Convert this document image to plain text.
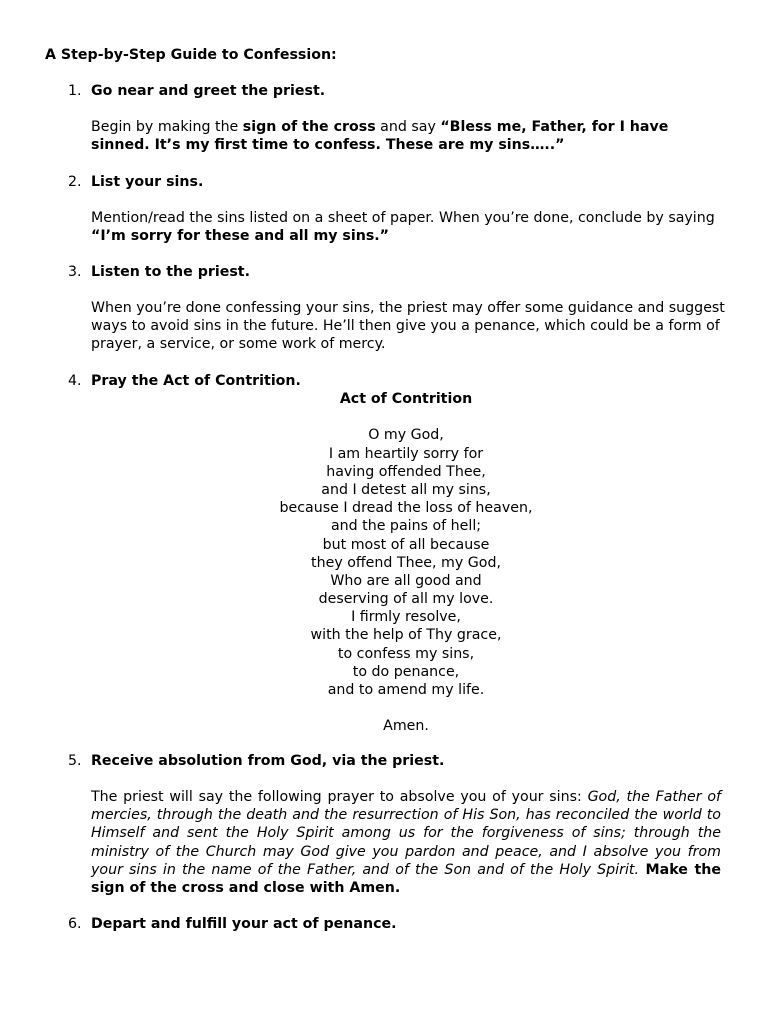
A Step-by-Step Guide to Confession:
1. Go near and greet the priest.
Begin by making the sign of the cross and say “Bless me, Father, for I have sinned. It’s my first time to confess. These are my sins…..”
2. List your sins.
Mention/read the sins listed on a sheet of paper. When you’re done, conclude by saying “I’m sorry for these and all my sins.”
3. Listen to the priest.
When you’re done confessing your sins, the priest may offer some guidance and suggest ways to avoid sins in the future. He’ll then give you a penance, which could be a form of prayer, a service, or some work of mercy.
4. Pray the Act of Contrition.
Act of Contrition
O my God,
I am heartily sorry for
having offended Thee,
and I detest all my sins,
because I dread the loss of heaven,
and the pains of hell;
but most of all because
they offend Thee, my God,
Who are all good and
deserving of all my love.
I firmly resolve,
with the help of Thy grace,
to confess my sins,
to do penance,
and to amend my life.
Amen.
5. Receive absolution from God, via the priest.
The priest will say the following prayer to absolve you of your sins: God, the Father of mercies, through the death and the resurrection of His Son, has reconciled the world to Himself and sent the Holy Spirit among us for the forgiveness of sins; through the ministry of the Church may God give you pardon and peace, and I absolve you from your sins in the name of the Father, and of the Son and of the Holy Spirit. Make the sign of the cross and close with Amen.
6. Depart and fulfill your act of penance.
